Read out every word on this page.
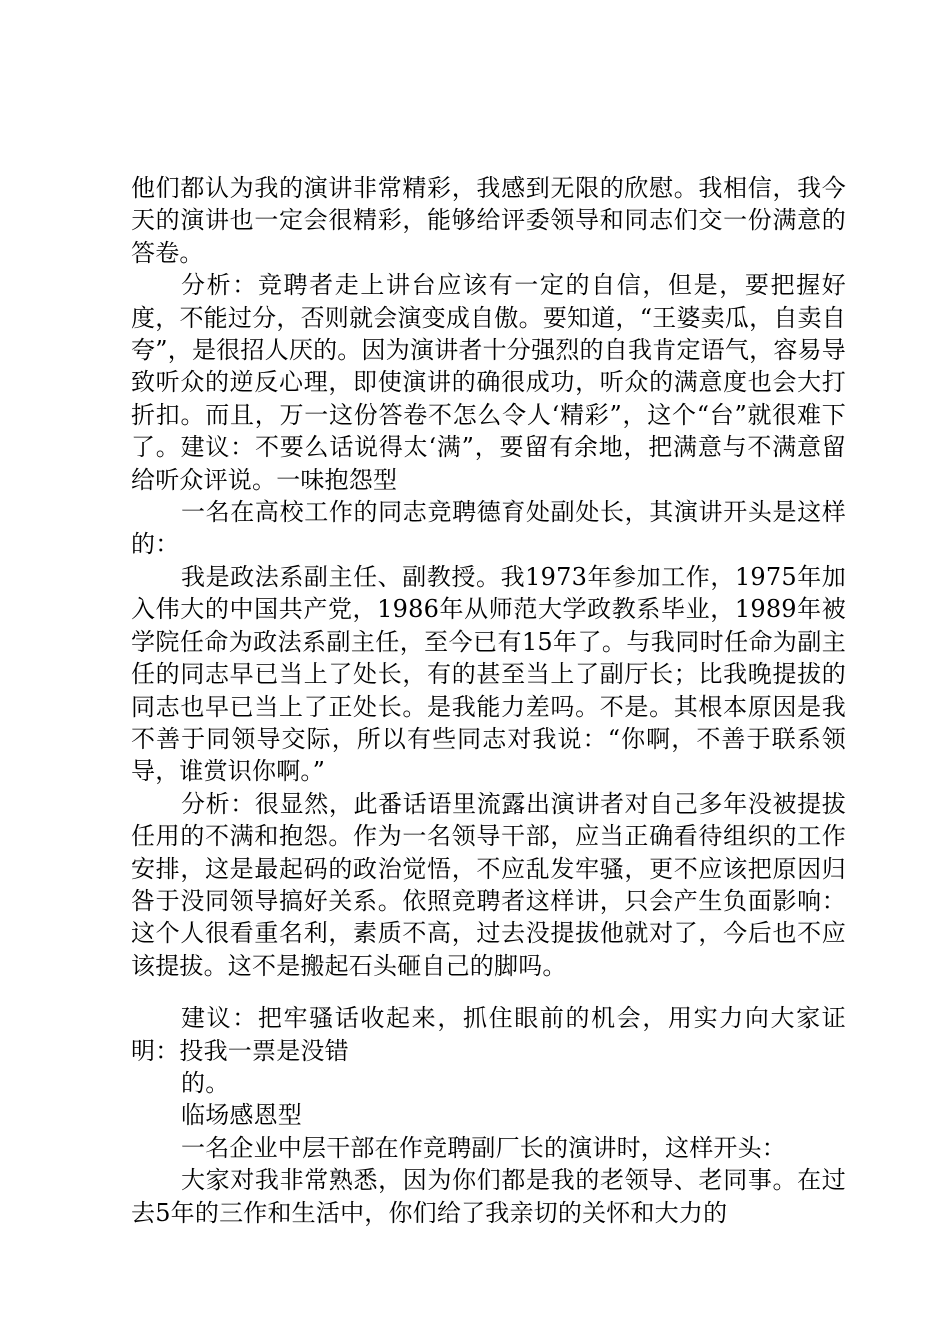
他们都认为我的演讲非常精彩，我感到无限的欣慰。我相信，我今天的演讲也一定会很精彩，能够给评委领导和同志们交一份满意的答卷。

分析：竞聘者走上讲台应该有一定的自信，但是，要把握好度，不能过分，否则就会演变成自傲。要知道，“王婆卖瓜，自卖自夸”，是很招人厌的。因为演讲者十分强烈的自我肯定语气，容易导致听众的逆反心理，即使演讲的确很成功，听众的满意度也会大打折扣。而且，万一这份答卷不怎么令人‘精彩”，这个“台”就很难下了。建议：不要么话说得太‘满”，要留有余地，把满意与不满意留给听众评说。一味抱怨型

一名在高校工作的同志竞聘德育处副处长，其演讲开头是这样的：

我是政法系副主任、副教授。我1973年参加工作，1975年加入伟大的中国共产党，1986年从师范大学政教系毕业，1989年被学院任命为政法系副主任，至今已有15年了。与我同时任命为副主任的同志早已当上了处长，有的甚至当上了副厅长；比我晚提拔的同志也早已当上了正处长。是我能力差吗。不是。其根本原因是我不善于同领导交际，所以有些同志对我说：“你啊，不善于联系领导，谁赏识你啊。”

分析：很显然，此番话语里流露出演讲者对自己多年没被提拔任用的不满和抱怨。作为一名领导干部，应当正确看待组织的工作安排，这是最起码的政治觉悟，不应乱发牢骚，更不应该把原因归咎于没同领导搞好关系。依照竞聘者这样讲，只会产生负面影响：这个人很看重名利，素质不高，过去没提拔他就对了，今后也不应该提拔。这不是搬起石头砸自己的脚吗。

建议：把牢骚话收起来，抓住眼前的机会，用实力向大家证明：投我一票是没错

的。

临场感恩型

一名企业中层干部在作竞聘副厂长的演讲时，这样开头：

大家对我非常熟悉，因为你们都是我的老领导、老同事。在过去5年的三作和生活中，你们给了我亲切的关怀和大力的
